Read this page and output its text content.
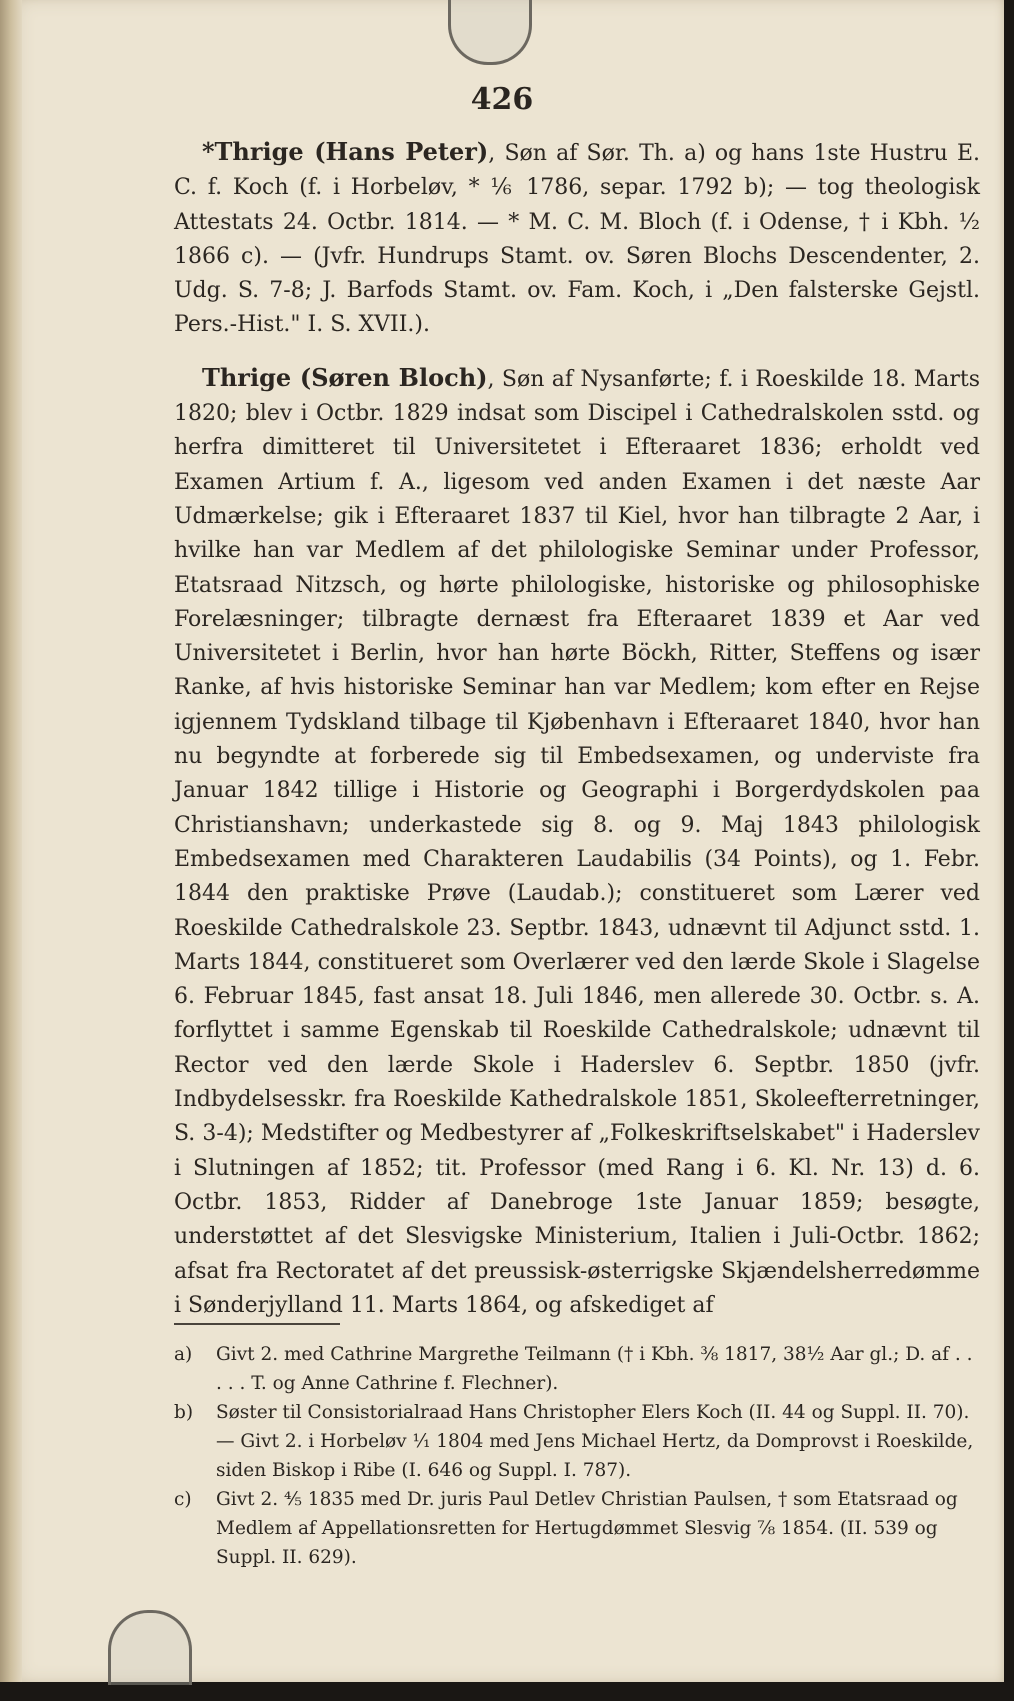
426

*Thrige (Hans Peter), Søn af Sør. Th. a) og hans 1ste Hustru E. C. f. Koch (f. i Horbeløv, * ⅙ 1786, separ. 1792 b); — tog theologisk Attestats 24. Octbr. 1814. — * M. C. M. Bloch (f. i Odense, † i Kbh. ½ 1866 c). — (Jvfr. Hundrups Stamt. ov. Søren Blochs Descendenter, 2. Udg. S. 7-8; J. Barfods Stamt. ov. Fam. Koch, i „Den falsterske Gejstl. Pers.-Hist." I. S. XVII.).

Thrige (Søren Bloch), Søn af Nysanførte; f. i Roeskilde 18. Marts 1820; blev i Octbr. 1829 indsat som Discipel i Cathedralskolen sstd. og herfra dimitteret til Universitetet i Efteraaret 1836; erholdt ved Examen Artium f. A., ligesom ved anden Examen i det næste Aar Udmærkelse; gik i Efteraaret 1837 til Kiel, hvor han tilbragte 2 Aar, i hvilke han var Medlem af det philologiske Seminar under Professor, Etatsraad Nitzsch, og hørte philologiske, historiske og philosophiske Forelæsninger; tilbragte dernæst fra Efteraaret 1839 et Aar ved Universitetet i Berlin, hvor han hørte Böckh, Ritter, Steffens og især Ranke, af hvis historiske Seminar han var Medlem; kom efter en Rejse igjennem Tydskland tilbage til Kjøbenhavn i Efteraaret 1840, hvor han nu begyndte at forberede sig til Embedsexamen, og underviste fra Januar 1842 tillige i Historie og Geographi i Borgerdydskolen paa Christianshavn; underkastede sig 8. og 9. Maj 1843 philologisk Embedsexamen med Charakteren Laudabilis (34 Points), og 1. Febr. 1844 den praktiske Prøve (Laudab.); constitueret som Lærer ved Roeskilde Cathedralskole 23. Septbr. 1843, udnævnt til Adjunct sstd. 1. Marts 1844, constitueret som Overlærer ved den lærde Skole i Slagelse 6. Februar 1845, fast ansat 18. Juli 1846, men allerede 30. Octbr. s. A. forflyttet i samme Egenskab til Roeskilde Cathedralskole; udnævnt til Rector ved den lærde Skole i Haderslev 6. Septbr. 1850 (jvfr. Indbydelsesskr. fra Roeskilde Kathedralskole 1851, Skoleefterretninger, S. 3-4); Medstifter og Medbestyrer af „Folkeskriftselskabet" i Haderslev i Slutningen af 1852; tit. Professor (med Rang i 6. Kl. Nr. 13) d. 6. Octbr. 1853, Ridder af Danebroge 1ste Januar 1859; besøgte, understøttet af det Slesvigske Ministerium, Italien i Juli-Octbr. 1862; afsat fra Rectoratet af det preussisk-østerrigske Skjændelsherredømme i Sønderjylland 11. Marts 1864, og afskediget af

a)	Givt 2. med Cathrine Margrethe Teilmann († i Kbh. ⅜ 1817, 38½ Aar gl.; D. af . . . . . T. og Anne Cathrine f. Flechner).
b)	Søster til Consistorialraad Hans Christopher Elers Koch (II. 44 og Suppl. II. 70). — Givt 2. i Horbeløv ⅟₁ 1804 med Jens Michael Hertz, da Domprovst i Roeskilde, siden Biskop i Ribe (I. 646 og Suppl. I. 787).
c)	Givt 2. ⅘ 1835 med Dr. juris Paul Detlev Christian Paulsen, † som Etatsraad og Medlem af Appellationsretten for Hertugdømmet Slesvig ⅞ 1854. (II. 539 og Suppl. II. 629).
